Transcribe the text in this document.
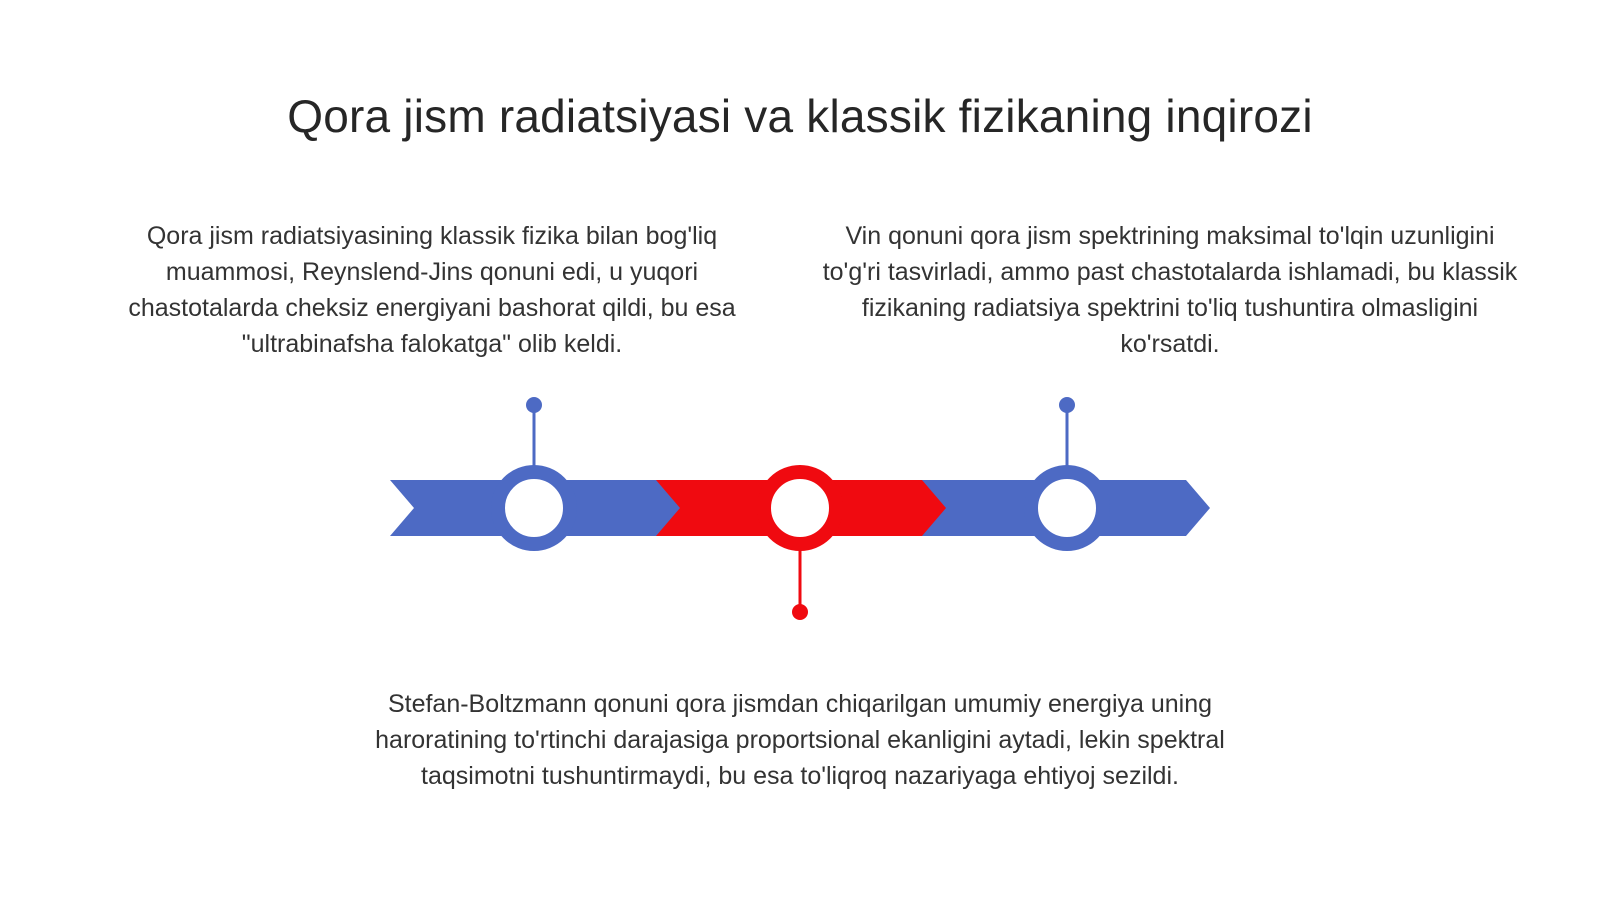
Qora jism radiatsiyasi va klassik fizikaning inqirozi
Qora jism radiatsiyasining klassik fizika bilan bog'liq muammosi, Reynslend-Jins qonuni edi, u yuqori chastotalarda cheksiz energiyani bashorat qildi, bu esa "ultrabinafsha falokatga" olib keldi.
Vin qonuni qora jism spektrining maksimal to'lqin uzunligini to'g'ri tasvirladi, ammo past chastotalarda ishlamadi, bu klassik fizikaning radiatsiya spektrini to'liq tushuntira olmasligini ko'rsatdi.
Stefan-Boltzmann qonuni qora jismdan chiqarilgan umumiy energiya uning haroratining to'rtinchi darajasiga proportsional ekanligini aytadi, lekin spektral taqsimotni tushuntirmaydi, bu esa to'liqroq nazariyaga ehtiyoj sezildi.
